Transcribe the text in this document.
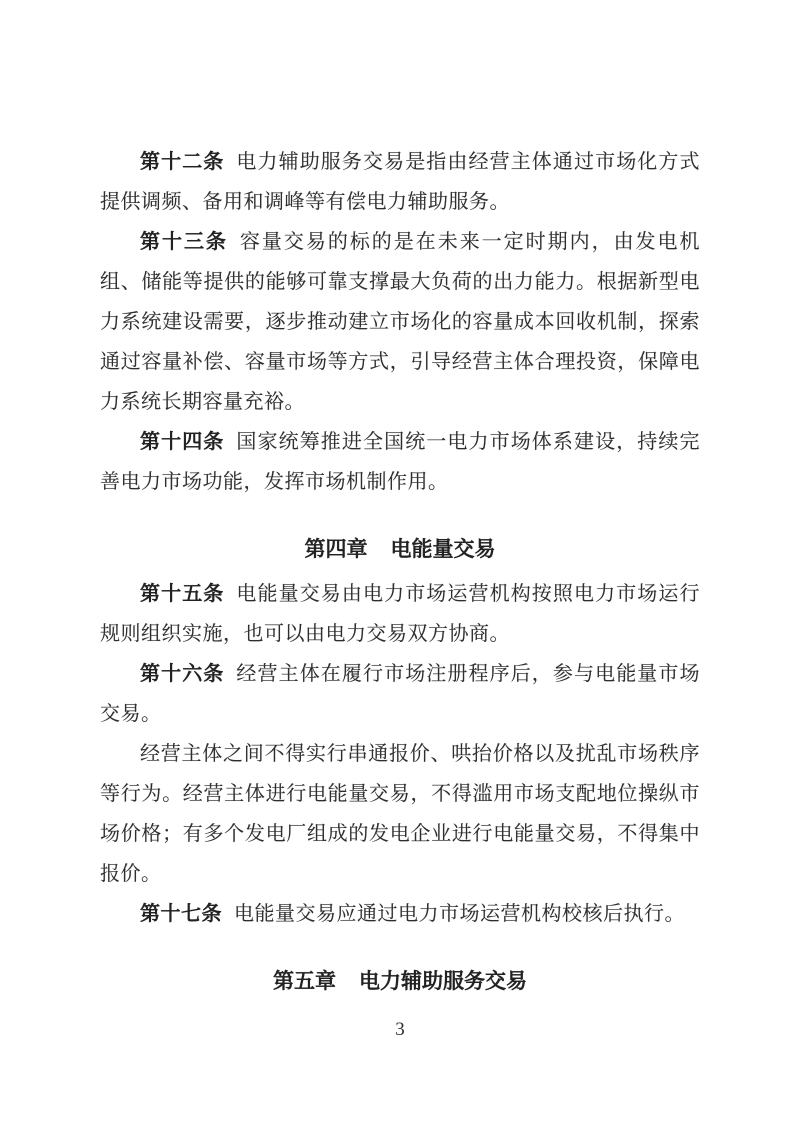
第十二条 电力辅助服务交易是指由经营主体通过市场化方式提供调频、备用和调峰等有偿电力辅助服务。

第十三条 容量交易的标的是在未来一定时期内，由发电机组、储能等提供的能够可靠支撑最大负荷的出力能力。根据新型电力系统建设需要，逐步推动建立市场化的容量成本回收机制，探索通过容量补偿、容量市场等方式，引导经营主体合理投资，保障电力系统长期容量充裕。

第十四条 国家统筹推进全国统一电力市场体系建设，持续完善电力市场功能，发挥市场机制作用。

第四章 电能量交易

第十五条 电能量交易由电力市场运营机构按照电力市场运行规则组织实施，也可以由电力交易双方协商。

第十六条 经营主体在履行市场注册程序后，参与电能量市场交易。

经营主体之间不得实行串通报价、哄抬价格以及扰乱市场秩序等行为。经营主体进行电能量交易，不得滥用市场支配地位操纵市场价格；有多个发电厂组成的发电企业进行电能量交易，不得集中报价。

第十七条 电能量交易应通过电力市场运营机构校核后执行。

第五章 电力辅助服务交易
3
